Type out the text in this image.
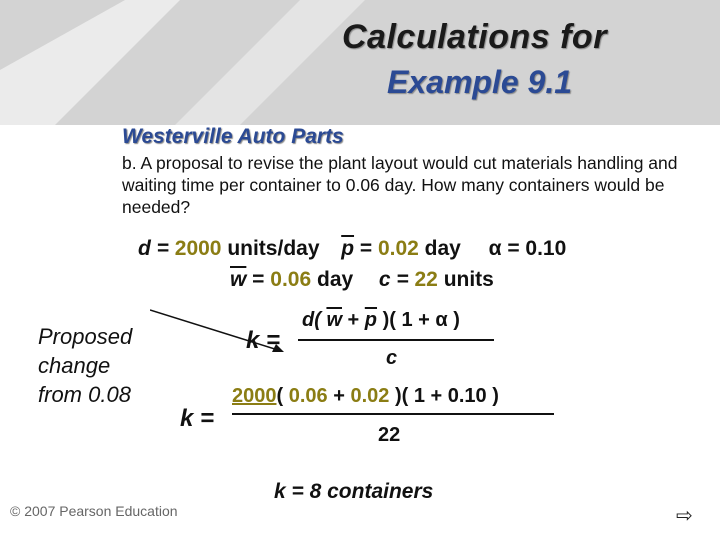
Calculations for
Example 9.1
Westerville Auto Parts
b. A proposal to revise the plant layout would cut materials handling and waiting time per container to 0.06 day. How many containers would be needed?
d = 2000 units/day $\overline{p} = 0.02$ day α = 0.10
$\overline{w} = 0.06$ day c = 22 units
Proposed
change
from 0.08
k =
d( $\overline{w} + \overline{p}$ )( 1 + α )
c
k =
2000( 0.06 + 0.02 )( 1 + 0.10 )
22
k = 8 containers
© 2007 Pearson Education	⇨
